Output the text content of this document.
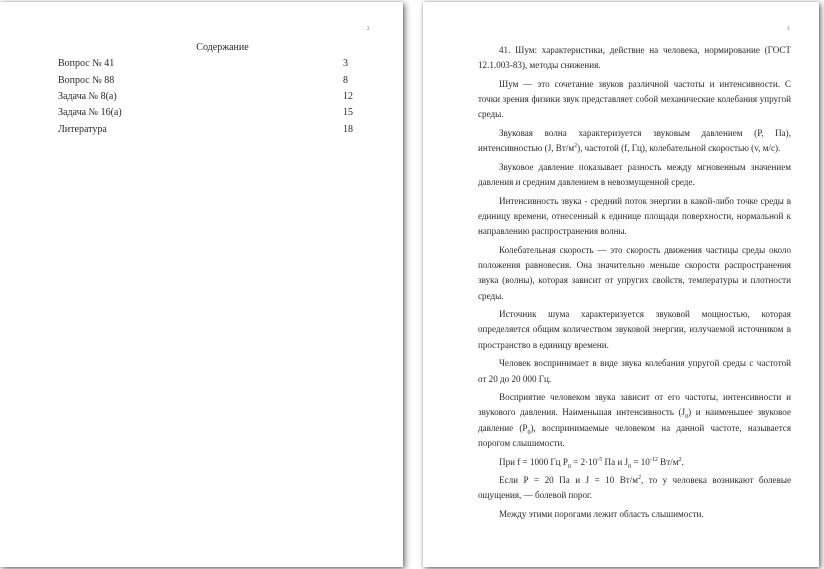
2
Содержание
Вопрос № 41	3
Вопрос № 88	8
Задача № 8(а)	12
Задача № 16(а)	15
Литература	18
3

41. Шум: характеристики, действие на человека, нормирование (ГОСТ 12.1.003-83), методы снижения.

Шум — это сочетание звуков различной частоты и интенсивности. С точки зрения физики звук представляет собой механические колебания упругой среды.

Звуковая волна характеризуется звуковым давлением (Р, Па), интенсивностью (J, $Вт/м^2$), частотой (f, Гц), колебательной скоростью (v, м/с).

Звуковое давление показывает разность между мгновенным значением давления и средним давлением в невозмущенной среде.

Интенсивность звука - средний поток энергии в какой-либо точке среды в единицу времени, отнесенный к единице площади поверхности, нормальной к направлению распространения волны.

Колебательная скорость — это скорость движения частицы среды около положения равновесия. Она значительно меньше скорости распространения звука (волны), которая зависит от упругих свойств, температуры и плотности среды.

Источник шума характеризуется звуковой мощностью, которая определяется общим количеством звуковой энергии, излучаемой источником в пространство в единицу времени.

Человек воспринимает в виде звука колебания упругой среды с частотой от 20 до 20 000 Гц.

Восприятие человеком звука зависит от его частоты, интенсивности и звукового давления. Наименьшая интенсивность $(J_0)$ и наименьшее звуковое давление $(P_0)$, воспринимаемые человеком на данной частоте, называется порогом слышимости.

При f = 1000 Гц $P_0 = 2\cdot 10^{-5}$ Па и $J_0 = 10^{-12}$ $Вт/м^2$.

Если Р = 20 Па и J = 10 $Вт/м^2$, то у человека возникают болевые ощущения, — болевой порог.

Между этими порогами лежит область слышимости.
